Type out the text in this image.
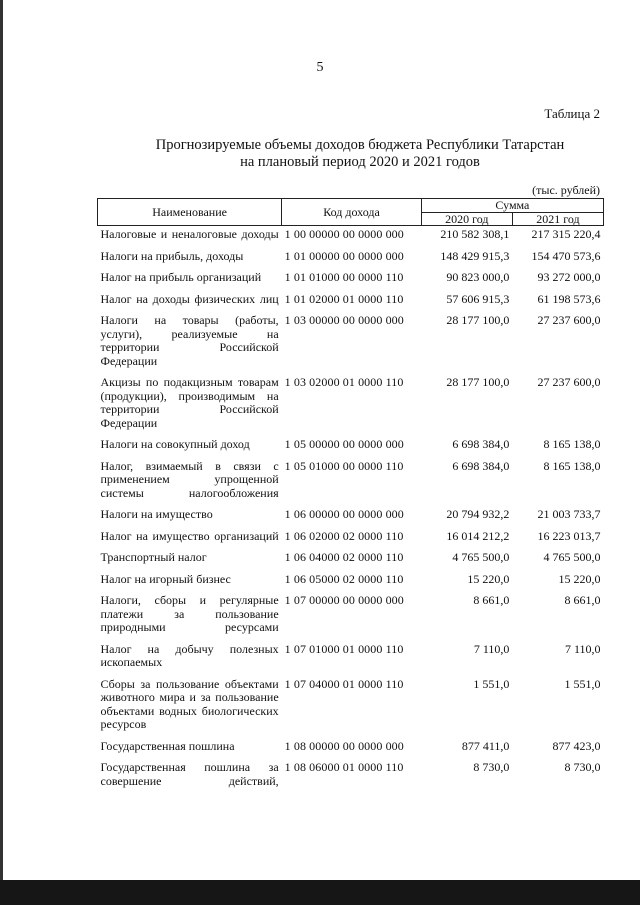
5
Таблица 2
Прогнозируемые объемы доходов бюджета Республики Татарстан
на плановый период 2020 и 2021 годов
(тыс. рублей)
Наименование	Код дохода	Сумма	
		2020 год	2021 год
Налоговые и неналоговые доходы	1 00 00000 00 0000 000	210 582 308,1	217 315 220,4
Налоги на прибыль, доходы	1 01 00000 00 0000 000	148 429 915,3	154 470 573,6
Налог на прибыль организаций	1 01 01000 00 0000 110	90 823 000,0	93 272 000,0
Налог на доходы физических лиц	1 01 02000 01 0000 110	57 606 915,3	61 198 573,6
Налоги на товары (работы, услуги), реализуемые на территории Российской Федерации	1 03 00000 00 0000 000	28 177 100,0	27 237 600,0
Акцизы по подакцизным товарам (продукции), производимым на территории Российской Федерации	1 03 02000 01 0000 110	28 177 100,0	27 237 600,0
Налоги на совокупный доход	1 05 00000 00 0000 000	6 698 384,0	8 165 138,0
Налог, взимаемый в связи с применением упрощенной системы налогообложения	1 05 01000 00 0000 110	6 698 384,0	8 165 138,0
Налоги на имущество	1 06 00000 00 0000 000	20 794 932,2	21 003 733,7
Налог на имущество организаций	1 06 02000 02 0000 110	16 014 212,2	16 223 013,7
Транспортный налог	1 06 04000 02 0000 110	4 765 500,0	4 765 500,0
Налог на игорный бизнес	1 06 05000 02 0000 110	15 220,0	15 220,0
Налоги, сборы и регулярные платежи за пользование природными ресурсами	1 07 00000 00 0000 000	8 661,0	8 661,0
Налог на добычу полезных ископаемых	1 07 01000 01 0000 110	7 110,0	7 110,0
Сборы за пользование объектами животного мира и за пользование объектами водных биологических ресурсов	1 07 04000 01 0000 110	1 551,0	1 551,0
Государственная пошлина	1 08 00000 00 0000 000	877 411,0	877 423,0
Государственная пошлина за совершение действий,	1 08 06000 01 0000 110	8 730,0	8 730,0
